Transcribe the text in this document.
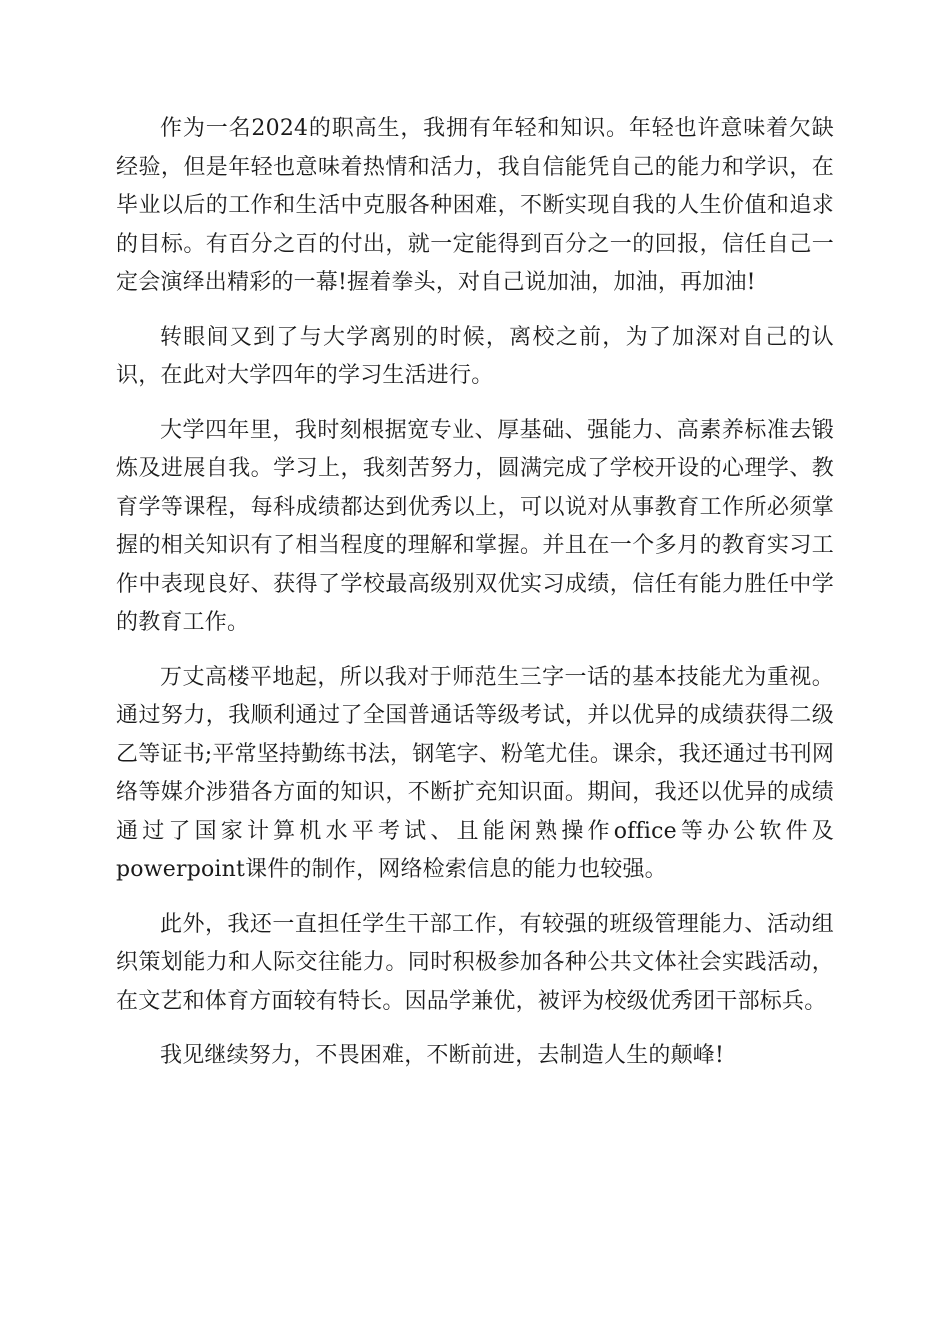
作为一名2024的职高生，我拥有年轻和知识。年轻也许意味着欠缺经验，但是年轻也意味着热情和活力，我自信能凭自己的能力和学识，在毕业以后的工作和生活中克服各种困难，不断实现自我的人生价值和追求的目标。有百分之百的付出，就一定能得到百分之一的回报，信任自己一定会演绎出精彩的一幕!握着拳头，对自己说加油，加油，再加油!

转眼间又到了与大学离别的时候，离校之前，为了加深对自己的认识，在此对大学四年的学习生活进行。

大学四年里，我时刻根据宽专业、厚基础、强能力、高素养标准去锻炼及进展自我。学习上，我刻苦努力，圆满完成了学校开设的心理学、教育学等课程，每科成绩都达到优秀以上，可以说对从事教育工作所必须掌握的相关知识有了相当程度的理解和掌握。并且在一个多月的教育实习工作中表现良好、获得了学校最高级别双优实习成绩，信任有能力胜任中学的教育工作。

万丈高楼平地起，所以我对于师范生三字一话的基本技能尤为重视。通过努力，我顺利通过了全国普通话等级考试，并以优异的成绩获得二级乙等证书;平常坚持勤练书法，钢笔字、粉笔尤佳。课余，我还通过书刊网络等媒介涉猎各方面的知识，不断扩充知识面。期间，我还以优异的成绩通过了国家计算机水平考试、且能闲熟操作office等办公软件及powerpoint课件的制作，网络检索信息的能力也较强。

此外，我还一直担任学生干部工作，有较强的班级管理能力、活动组织策划能力和人际交往能力。同时积极参加各种公共文体社会实践活动，在文艺和体育方面较有特长。因品学兼优，被评为校级优秀团干部标兵。

我见继续努力，不畏困难，不断前进，去制造人生的颠峰!
